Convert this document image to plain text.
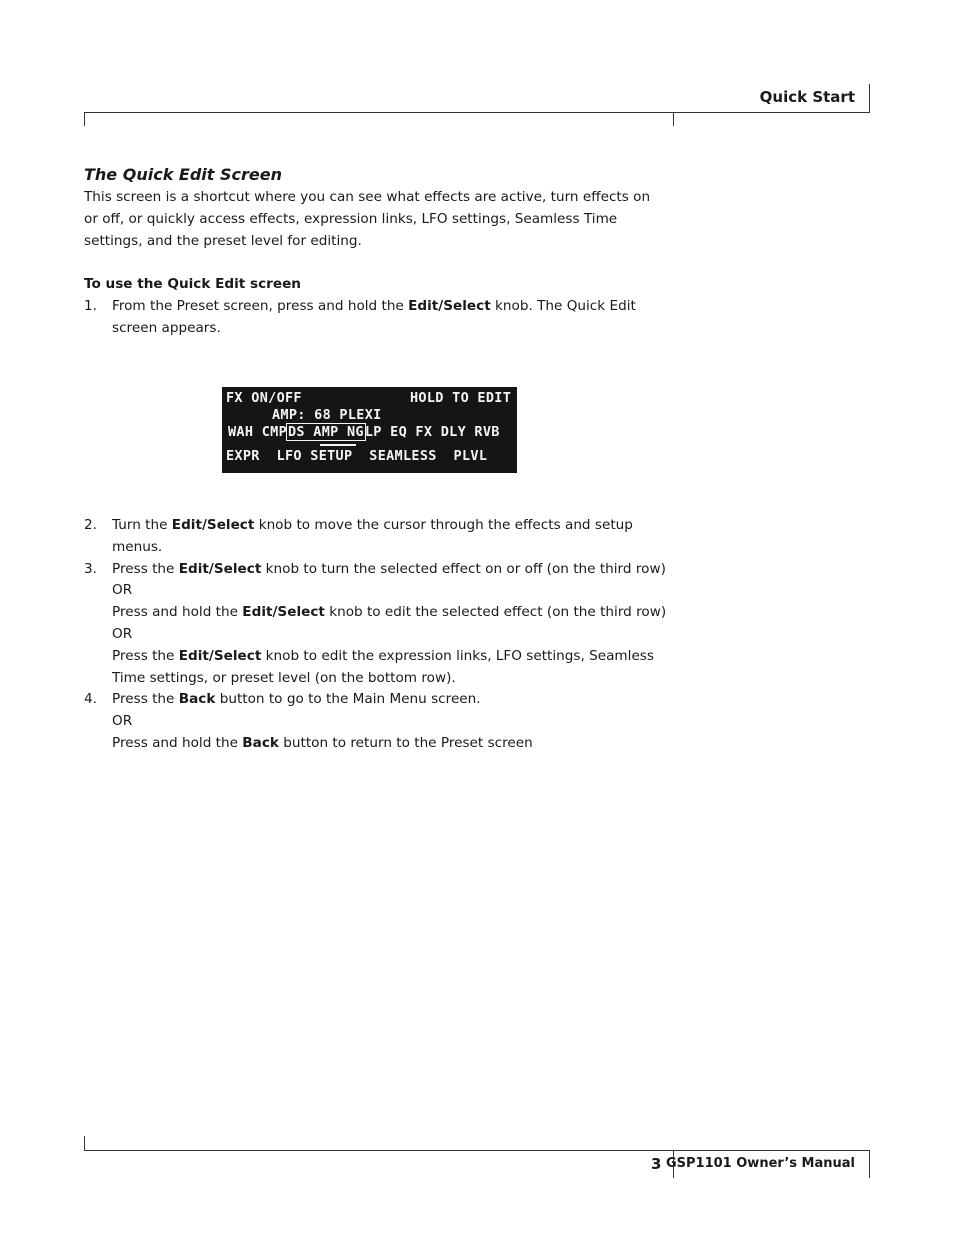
Quick Start
The Quick Edit Screen

This screen is a shortcut where you can see what effects are active, turn effects on or off, or quickly access effects, expression links, LFO settings, Seamless Time settings, and the preset level for editing.

To use the Quick Edit screen
1. From the Preset screen, press and hold the Edit/Select knob. The Quick Edit screen appears.
FX ON/OFF	HOLD TO EDIT
AMP: 68 PLEXI
WAH CMPDS AMP NGLP EQ FX DLY RVB
EXPR  LFO SETUP  SEAMLESS  PLVL
2. Turn the Edit/Select knob to move the cursor through the effects and setup menus.
3. Press the Edit/Select knob to turn the selected effect on or off (on the third row)
OR
Press and hold the Edit/Select knob to edit the selected effect (on the third row)
OR
Press the Edit/Select knob to edit the expression links, LFO settings, Seamless Time settings, or preset level (on the bottom row).
4. Press the Back button to go to the Main Menu screen.
OR
Press and hold the Back button to return to the Preset screen
3 GSP1101 Owner’s Manual
